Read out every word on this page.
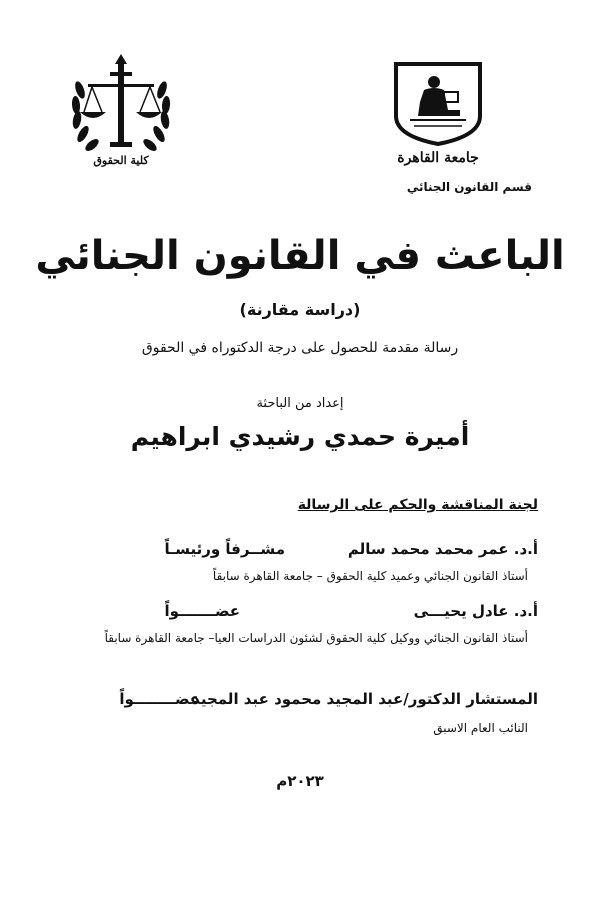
كلية الحقوق	جامعة القاهرة
قسم القانون الجنائي
الباعث في القانون الجنائي
(دراسة مقارنة)
رسالة مقدمة للحصول على درجة الدكتوراه في الحقوق
إعداد من الباحثة
أميرة حمدي رشيدي ابراهيم
لجنة المناقشة والحكم على الرسالة
أ.د. عمر محمد محمد سالم
مشــرفاً ورئيسـاً
أستاذ القانون الجنائي وعميد كلية الحقوق – جامعة القاهرة سابقاً
أ.د. عادل يحيـــى
عضـــــــواً
أستاذ القانون الجنائي ووكيل كلية الحقوق لشئون الدراسات العيا– جامعة القاهرة سابقاً
المستشار الدكتور/عبد المجيد محمود عبد المجيد
عضــــــــواً
النائب العام الاسبق
٢٠٢٣م
